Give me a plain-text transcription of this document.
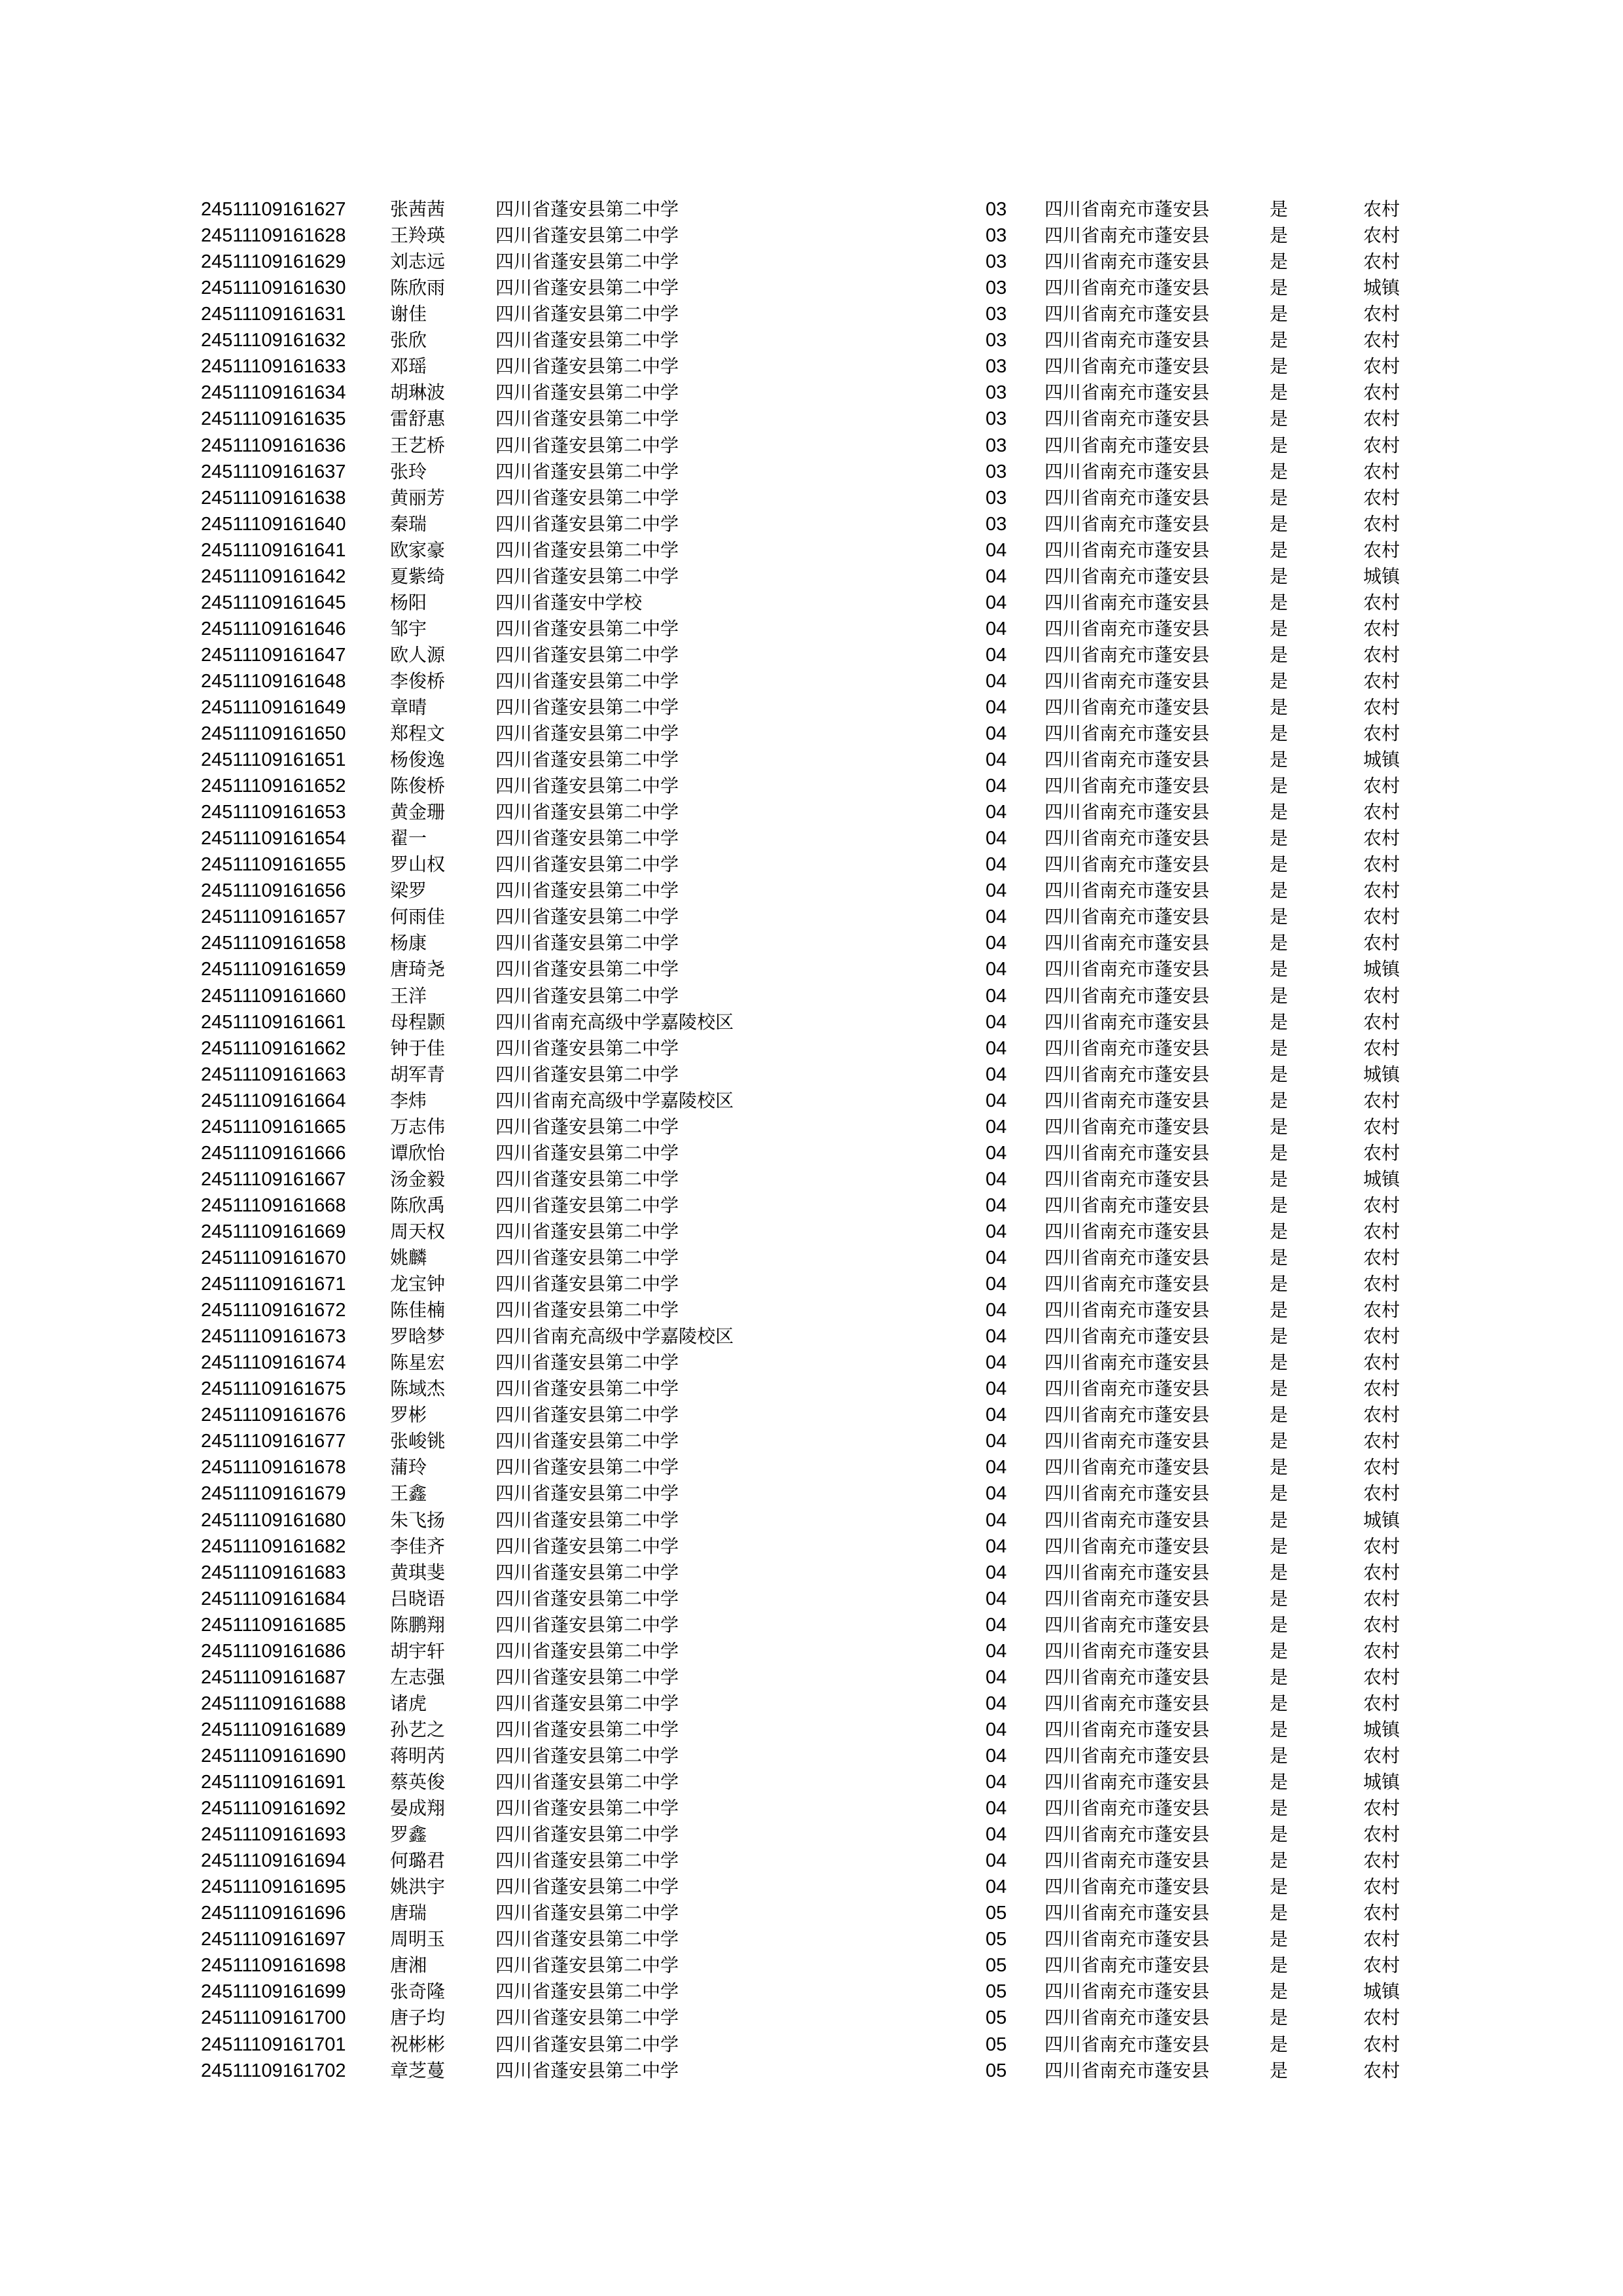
24511109161627 张茜茜	四川省蓬安县第二中学	03 四川省南充市蓬安县	是	农村
24511109161628 王羚瑛	四川省蓬安县第二中学	03 四川省南充市蓬安县	是	农村
24511109161629 刘志远	四川省蓬安县第二中学	03 四川省南充市蓬安县	是	农村
24511109161630 陈欣雨	四川省蓬安县第二中学	03 四川省南充市蓬安县	是	城镇
24511109161631 谢佳	四川省蓬安县第二中学	03 四川省南充市蓬安县	是	农村
24511109161632 张欣	四川省蓬安县第二中学	03 四川省南充市蓬安县	是	农村
24511109161633 邓瑶	四川省蓬安县第二中学	03 四川省南充市蓬安县	是	农村
24511109161634 胡琳波	四川省蓬安县第二中学	03 四川省南充市蓬安县	是	农村
24511109161635 雷舒惠	四川省蓬安县第二中学	03 四川省南充市蓬安县	是	农村
24511109161636 王艺桥	四川省蓬安县第二中学	03 四川省南充市蓬安县	是	农村
24511109161637 张玲	四川省蓬安县第二中学	03 四川省南充市蓬安县	是	农村
24511109161638 黄丽芳	四川省蓬安县第二中学	03 四川省南充市蓬安县	是	农村
24511109161640 秦瑞	四川省蓬安县第二中学	03 四川省南充市蓬安县	是	农村
24511109161641 欧家豪	四川省蓬安县第二中学	04 四川省南充市蓬安县	是	农村
24511109161642 夏紫绮	四川省蓬安县第二中学	04 四川省南充市蓬安县	是	城镇
24511109161645 杨阳	四川省蓬安中学校	04 四川省南充市蓬安县	是	农村
24511109161646 邹宇	四川省蓬安县第二中学	04 四川省南充市蓬安县	是	农村
24511109161647 欧人源	四川省蓬安县第二中学	04 四川省南充市蓬安县	是	农村
24511109161648 李俊桥	四川省蓬安县第二中学	04 四川省南充市蓬安县	是	农村
24511109161649 章晴	四川省蓬安县第二中学	04 四川省南充市蓬安县	是	农村
24511109161650 郑程文	四川省蓬安县第二中学	04 四川省南充市蓬安县	是	农村
24511109161651 杨俊逸	四川省蓬安县第二中学	04 四川省南充市蓬安县	是	城镇
24511109161652 陈俊桥	四川省蓬安县第二中学	04 四川省南充市蓬安县	是	农村
24511109161653 黄金珊	四川省蓬安县第二中学	04 四川省南充市蓬安县	是	农村
24511109161654 翟一	四川省蓬安县第二中学	04 四川省南充市蓬安县	是	农村
24511109161655 罗山权	四川省蓬安县第二中学	04 四川省南充市蓬安县	是	农村
24511109161656 梁罗	四川省蓬安县第二中学	04 四川省南充市蓬安县	是	农村
24511109161657 何雨佳	四川省蓬安县第二中学	04 四川省南充市蓬安县	是	农村
24511109161658 杨康	四川省蓬安县第二中学	04 四川省南充市蓬安县	是	农村
24511109161659 唐琦尧	四川省蓬安县第二中学	04 四川省南充市蓬安县	是	城镇
24511109161660 王洋	四川省蓬安县第二中学	04 四川省南充市蓬安县	是	农村
24511109161661 母程颢	四川省南充高级中学嘉陵校区	04 四川省南充市蓬安县	是	农村
24511109161662 钟于佳	四川省蓬安县第二中学	04 四川省南充市蓬安县	是	农村
24511109161663 胡军青	四川省蓬安县第二中学	04 四川省南充市蓬安县	是	城镇
24511109161664 李炜	四川省南充高级中学嘉陵校区	04 四川省南充市蓬安县	是	农村
24511109161665 万志伟	四川省蓬安县第二中学	04 四川省南充市蓬安县	是	农村
24511109161666 谭欣怡	四川省蓬安县第二中学	04 四川省南充市蓬安县	是	农村
24511109161667 汤金毅	四川省蓬安县第二中学	04 四川省南充市蓬安县	是	城镇
24511109161668 陈欣禹	四川省蓬安县第二中学	04 四川省南充市蓬安县	是	农村
24511109161669 周天权	四川省蓬安县第二中学	04 四川省南充市蓬安县	是	农村
24511109161670 姚麟	四川省蓬安县第二中学	04 四川省南充市蓬安县	是	农村
24511109161671 龙宝钟	四川省蓬安县第二中学	04 四川省南充市蓬安县	是	农村
24511109161672 陈佳楠	四川省蓬安县第二中学	04 四川省南充市蓬安县	是	农村
24511109161673 罗晗梦	四川省南充高级中学嘉陵校区	04 四川省南充市蓬安县	是	农村
24511109161674 陈星宏	四川省蓬安县第二中学	04 四川省南充市蓬安县	是	农村
24511109161675 陈域杰	四川省蓬安县第二中学	04 四川省南充市蓬安县	是	农村
24511109161676 罗彬	四川省蓬安县第二中学	04 四川省南充市蓬安县	是	农村
24511109161677 张峻铫	四川省蓬安县第二中学	04 四川省南充市蓬安县	是	农村
24511109161678 蒲玲	四川省蓬安县第二中学	04 四川省南充市蓬安县	是	农村
24511109161679 王鑫	四川省蓬安县第二中学	04 四川省南充市蓬安县	是	农村
24511109161680 朱飞扬	四川省蓬安县第二中学	04 四川省南充市蓬安县	是	城镇
24511109161682 李佳齐	四川省蓬安县第二中学	04 四川省南充市蓬安县	是	农村
24511109161683 黄琪斐	四川省蓬安县第二中学	04 四川省南充市蓬安县	是	农村
24511109161684 吕晓语	四川省蓬安县第二中学	04 四川省南充市蓬安县	是	农村
24511109161685 陈鹏翔	四川省蓬安县第二中学	04 四川省南充市蓬安县	是	农村
24511109161686 胡宇轩	四川省蓬安县第二中学	04 四川省南充市蓬安县	是	农村
24511109161687 左志强	四川省蓬安县第二中学	04 四川省南充市蓬安县	是	农村
24511109161688 诸虎	四川省蓬安县第二中学	04 四川省南充市蓬安县	是	农村
24511109161689 孙艺之	四川省蓬安县第二中学	04 四川省南充市蓬安县	是	城镇
24511109161690 蒋明芮	四川省蓬安县第二中学	04 四川省南充市蓬安县	是	农村
24511109161691 蔡英俊	四川省蓬安县第二中学	04 四川省南充市蓬安县	是	城镇
24511109161692 晏成翔	四川省蓬安县第二中学	04 四川省南充市蓬安县	是	农村
24511109161693 罗鑫	四川省蓬安县第二中学	04 四川省南充市蓬安县	是	农村
24511109161694 何璐君	四川省蓬安县第二中学	04 四川省南充市蓬安县	是	农村
24511109161695 姚洪宇	四川省蓬安县第二中学	04 四川省南充市蓬安县	是	农村
24511109161696 唐瑞	四川省蓬安县第二中学	05 四川省南充市蓬安县	是	农村
24511109161697 周明玉	四川省蓬安县第二中学	05 四川省南充市蓬安县	是	农村
24511109161698 唐湘	四川省蓬安县第二中学	05 四川省南充市蓬安县	是	农村
24511109161699 张奇隆	四川省蓬安县第二中学	05 四川省南充市蓬安县	是	城镇
24511109161700 唐子均	四川省蓬安县第二中学	05 四川省南充市蓬安县	是	农村
24511109161701 祝彬彬	四川省蓬安县第二中学	05 四川省南充市蓬安县	是	农村
24511109161702 章芝蔓	四川省蓬安县第二中学	05 四川省南充市蓬安县	是	农村
